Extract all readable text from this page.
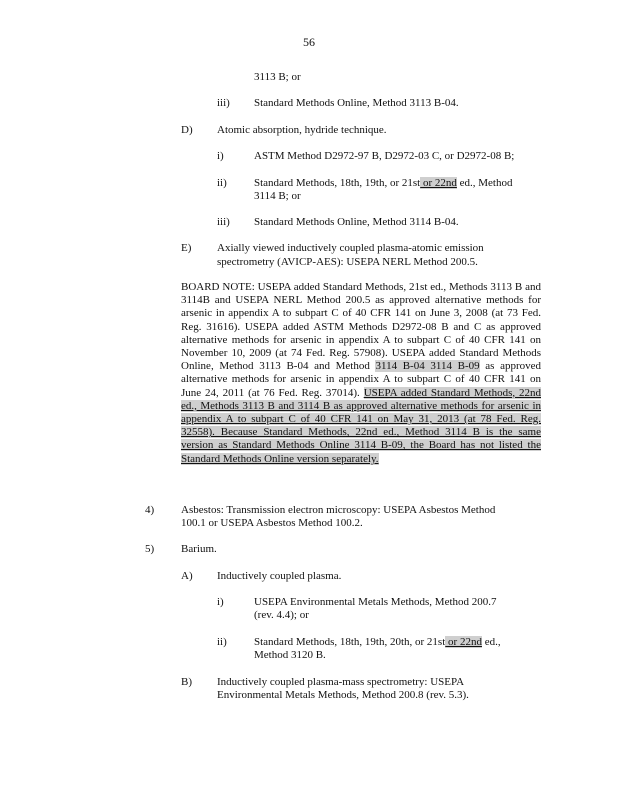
56
3113 B; or
iii) Standard Methods Online, Method 3113 B-04.
D) Atomic absorption, hydride technique.
i)	ASTM Method D2972-97 B, D2972-03 C, or D2972-08 B;
ii) Standard Methods, 18th, 19th, or 21st or 22nd ed., Method
3114 B; or
iii) Standard Methods Online, Method 3114 B-04.
E) Axially viewed inductively coupled plasma-atomic emission
spectrometry (AVICP-AES): USEPA NERL Method 200.5.
BOARD NOTE: USEPA added Standard Methods, 21st ed., Methods 3113 B and 3114B and USEPA NERL Method 200.5 as approved alternative methods for arsenic in appendix A to subpart C of 40 CFR 141 on June 3, 2008 (at 73 Fed. Reg. 31616). USEPA added ASTM Methods D2972-08 B and C as approved alternative methods for arsenic in appendix A to subpart C of 40 CFR 141 on November 10, 2009 (at 74 Fed. Reg. 57908). USEPA added Standard Methods Online, Method 3113 B-04 and Method 3114 B-04 3114 B-09 as approved alternative methods for arsenic in appendix A to subpart C of 40 CFR 141 on June 24, 2011 (at 76 Fed. Reg. 37014). USEPA added Standard Methods, 22nd ed., Methods 3113 B and 3114 B as approved alternative methods for arsenic in appendix A to subpart C of 40 CFR 141 on May 31, 2013 (at 78 Fed. Reg. 32558). Because Standard Methods, 22nd ed., Method 3114 B is the same version as Standard Methods Online 3114 B-09, the Board has not listed the Standard Methods Online version separately.
4) Asbestos: Transmission electron microscopy: USEPA Asbestos Method
100.1 or USEPA Asbestos Method 100.2.
5) Barium.
A) Inductively coupled plasma.
i)	USEPA Environmental Metals Methods, Method 200.7
(rev. 4.4); or
ii) Standard Methods, 18th, 19th, 20th, or 21st or 22nd ed.,
Method 3120 B.
B) Inductively coupled plasma-mass spectrometry: USEPA
Environmental Metals Methods, Method 200.8 (rev. 5.3).
